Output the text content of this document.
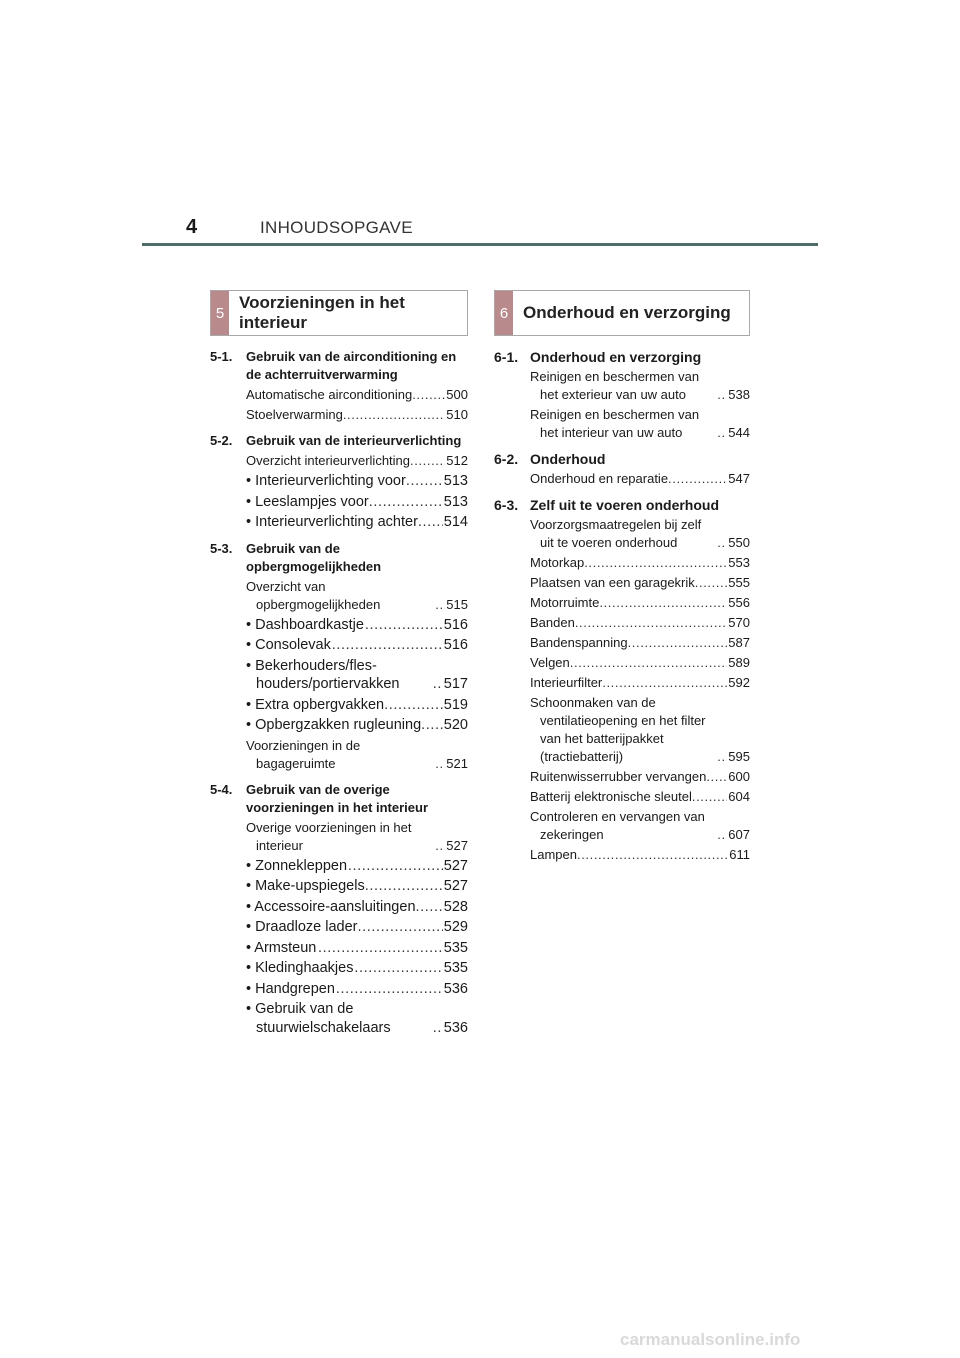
4	INHOUDSOPGAVE
5
Voorzieningen in het interieur
5-1.	Gebruik van de airconditioning en de achterruitverwarming
Automatische airconditioning .....	500
Stoelverwarming .....	510
5-2.	Gebruik van de interieurverlichting
Overzicht interieurverlichting .....	512
• Interieurverlichting voor .....	513
• Leeslampjes voor .....	513
• Interieurverlichting achter ..... 514
5-3.	Gebruik van de opbergmogelijkheden
Overzicht van opbergmogelijkheden .....	515
• Dashboardkastje .....	516
• Consolevak .....	516
• Bekerhouders/fles-houders/portiervakken .....	517
• Extra opbergvakken .....	519
• Opbergzakken rugleuning ..... 520
Voorzieningen in de bagageruimte .....	521
5-4.	Gebruik van de overige voorzieningen in het interieur
Overige voorzieningen in het interieur .....	527
• Zonnekleppen .....	527
• Make-upspiegels .....	527
• Accessoire-aansluitingen ..... 528
• Draadloze lader .....	529
• Armsteun .....	535
• Kledinghaakjes .....	535
• Handgrepen .....	536
• Gebruik van de stuurwielschakelaars .....	536
6 Onderhoud en verzorging
6-1. Onderhoud en verzorging
Reinigen en beschermen van het exterieur van uw auto .....	538
Reinigen en beschermen van het interieur van uw auto .....	544
6-2. Onderhoud
Onderhoud en reparatie .....	547
6-3. Zelf uit te voeren onderhoud
Voorzorgsmaatregelen bij zelf uit te voeren onderhoud .....	550
Motorkap .....	553
Plaatsen van een garagekrik .....	555
Motorruimte .....	556
Banden .....	570
Bandenspanning .....	587
Velgen .....	589
Interieurfilter .....	592
Schoonmaken van de ventilatieopening en het filter van het batterijpakket (tractiebatterij) .....	595
Ruitenwisserrubber vervangen ..... 600
Batterij elektronische sleutel .....	604
Controleren en vervangen van zekeringen .....	607
Lampen .....	611
carmanualsonline.info
